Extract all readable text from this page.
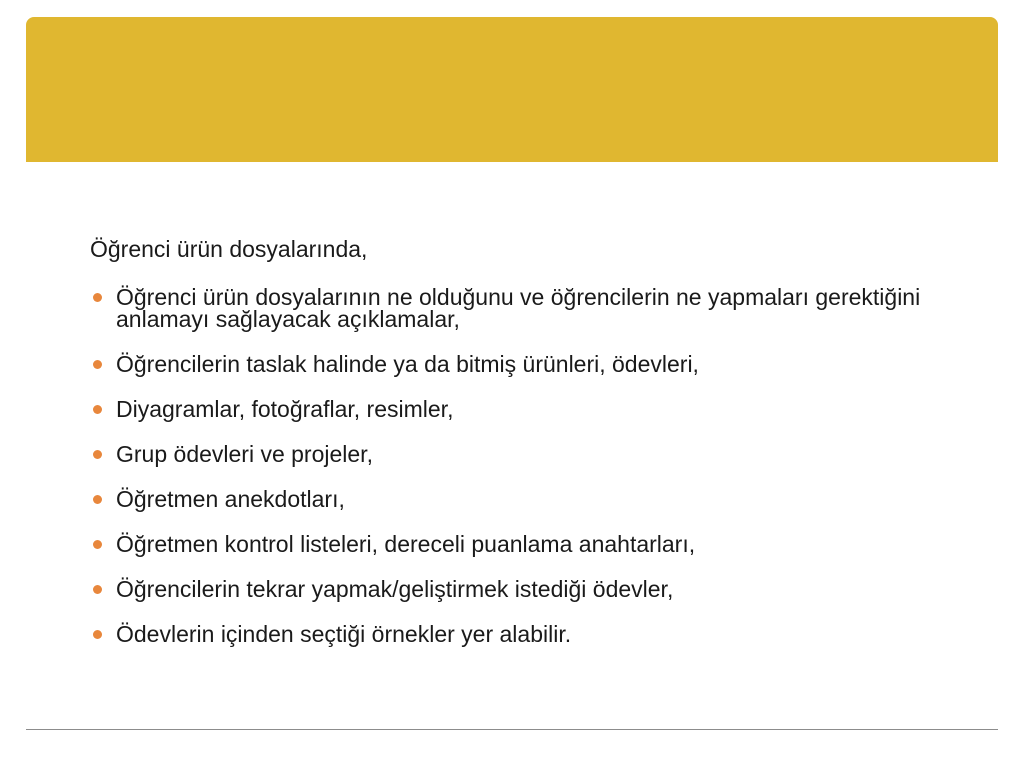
Öğrenci ürün dosyalarında,

Öğrenci ürün dosyalarının ne olduğunu ve öğrencilerin ne yapmaları gerektiğini anlamayı sağlayacak açıklamalar,
Öğrencilerin taslak halinde ya da bitmiş ürünleri, ödevleri,
Diyagramlar, fotoğraflar, resimler,
Grup ödevleri ve projeler,
Öğretmen anekdotları,
Öğretmen kontrol listeleri, dereceli puanlama anahtarları,
Öğrencilerin tekrar yapmak/geliştirmek istediği ödevler,
Ödevlerin içinden seçtiği örnekler yer alabilir.
